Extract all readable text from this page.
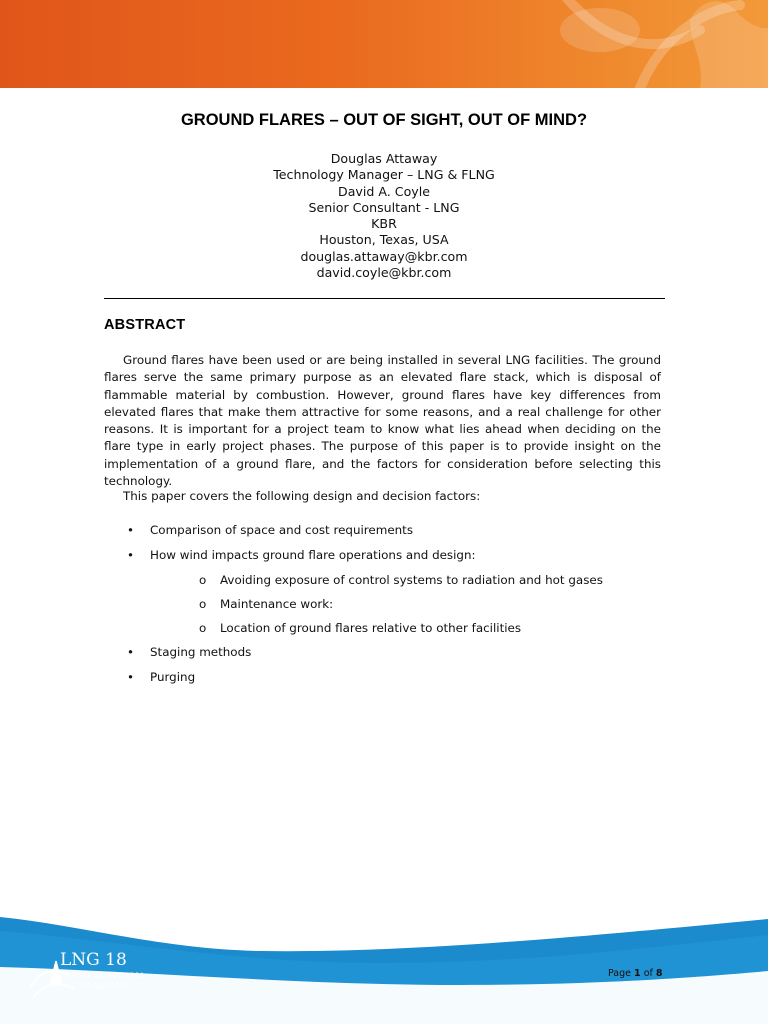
GROUND FLARES – OUT OF SIGHT, OUT OF MIND?
Douglas Attaway
Technology Manager – LNG & FLNG
David A. Coyle
Senior Consultant - LNG
KBR
Houston, Texas, USA
douglas.attaway@kbr.com
david.coyle@kbr.com
ABSTRACT

Ground flares have been used or are being installed in several LNG facilities. The ground flares serve the same primary purpose as an elevated flare stack, which is disposal of flammable material by combustion. However, ground flares have key differences from elevated flares that make them attractive for some reasons, and a real challenge for other reasons. It is important for a project team to know what lies ahead when deciding on the flare type in early project phases. The purpose of this paper is to provide insight on the implementation of a ground flare, and the factors for consideration before selecting this technology.

This paper covers the following design and decision factors:
• Comparison of space and cost requirements
• How wind impacts ground flare operations and design:
o Avoiding exposure of control systems to radiation and hot gases
o Maintenance work:
o Location of ground flares relative to other facilities
• Staging methods
• Purging
LNG 18
PERTH AUSTRALIA
11-15 April 2016
Page 1 of 8
